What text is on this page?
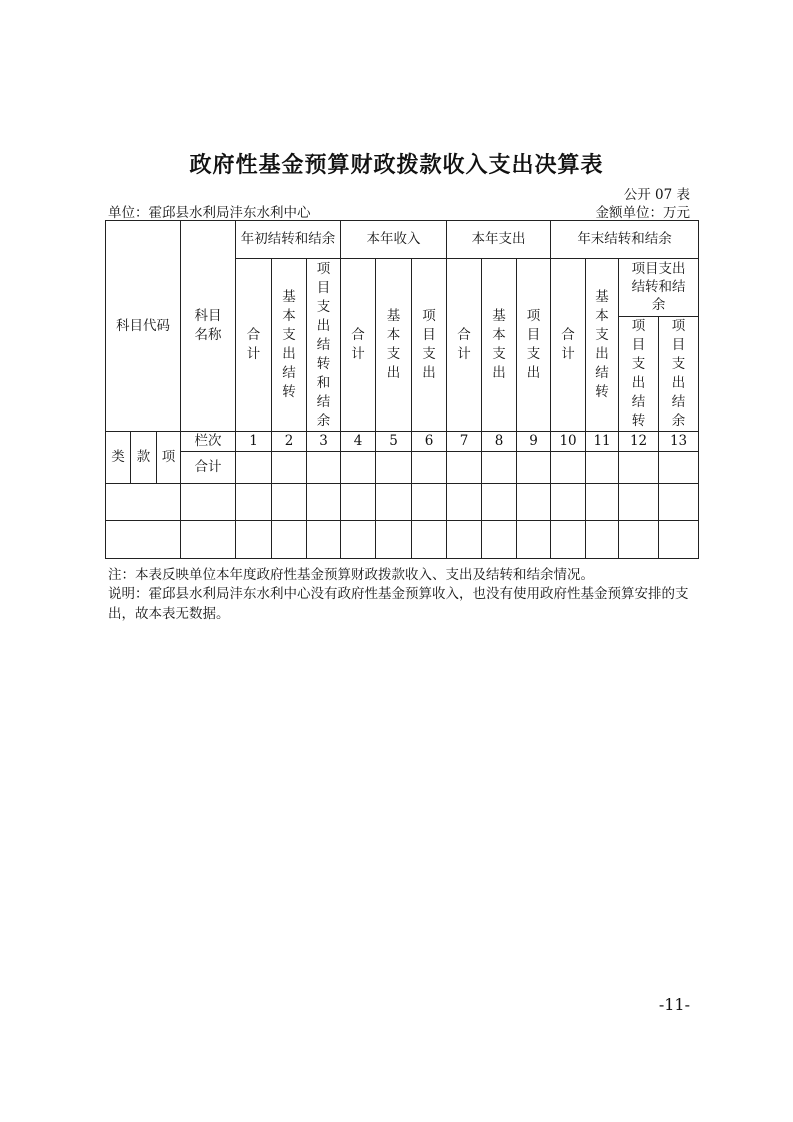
政府性基金预算财政拨款收入支出决算表
公开 07 表
单位：霍邱县水利局沣东水利中心	金额单位：万元
科目代码			科目名称	年初结转和结余			本年收入			本年支出			年末结转和结余			
				合计	基本支出结转	项目支出结转和结余	合计	基本支出	项目支出	合计	基本支出	项目支出	合计	基本支出结转	项目支出结转和结余	
															项目支出结转	项目支出结余
类	款	项	栏次	1	2	3	4	5	6	7	8	9	10	11	12	13
			合计													

注：本表反映单位本年度政府性基金预算财政拨款收入、支出及结转和结余情况。
说明：霍邱县水利局沣东水利中心没有政府性基金预算收入，也没有使用政府性基金预算安排的支出，故本表无数据。
-11-
